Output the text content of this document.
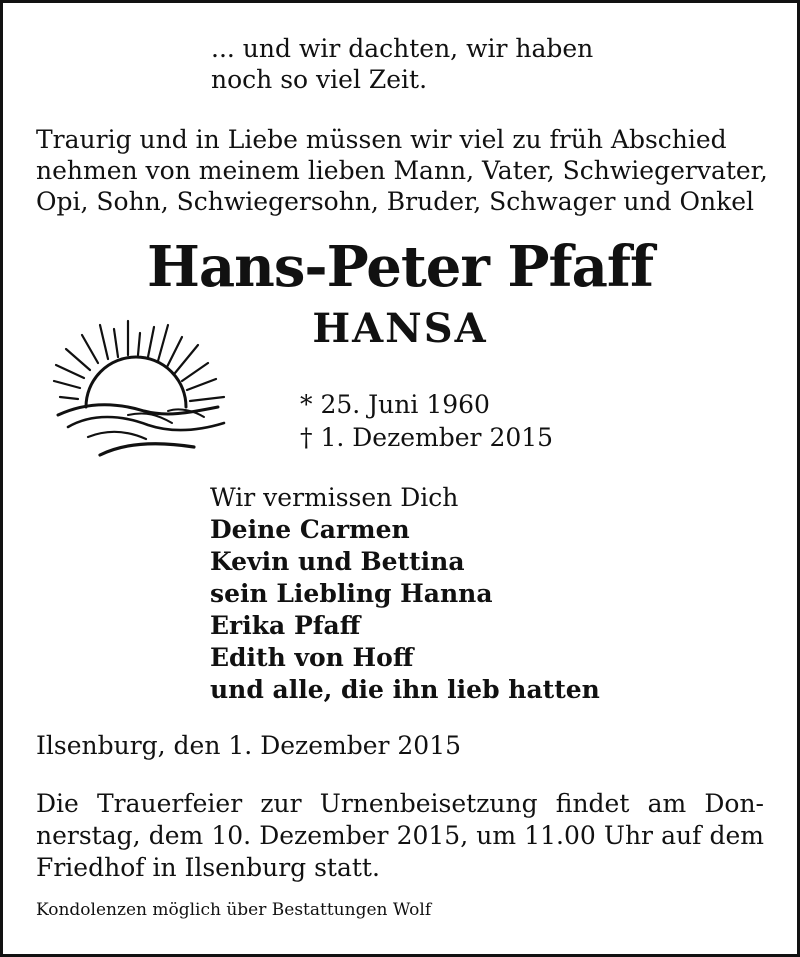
... und wir dachten, wir haben
noch so viel Zeit.
Traurig und in Liebe müssen wir viel zu früh Abschied
nehmen von meinem lieben Mann, Vater, Schwiegervater,
Opi, Sohn, Schwiegersohn, Bruder, Schwager und Onkel
Hans-Peter Pfaff
HANSA
* 25. Juni 1960
† 1. Dezember 2015
Wir vermissen Dich
Deine Carmen
Kevin und Bettina
sein Liebling Hanna
Erika Pfaff
Edith von Hoff
und alle, die ihn lieb hatten
Ilsenburg, den 1. Dezember 2015
Die Trauerfeier zur Urnenbeisetzung findet am Don-
nerstag, dem 10. Dezember 2015, um 11.00 Uhr auf dem
Friedhof in Ilsenburg statt.
Kondolenzen möglich über Bestattungen Wolf
